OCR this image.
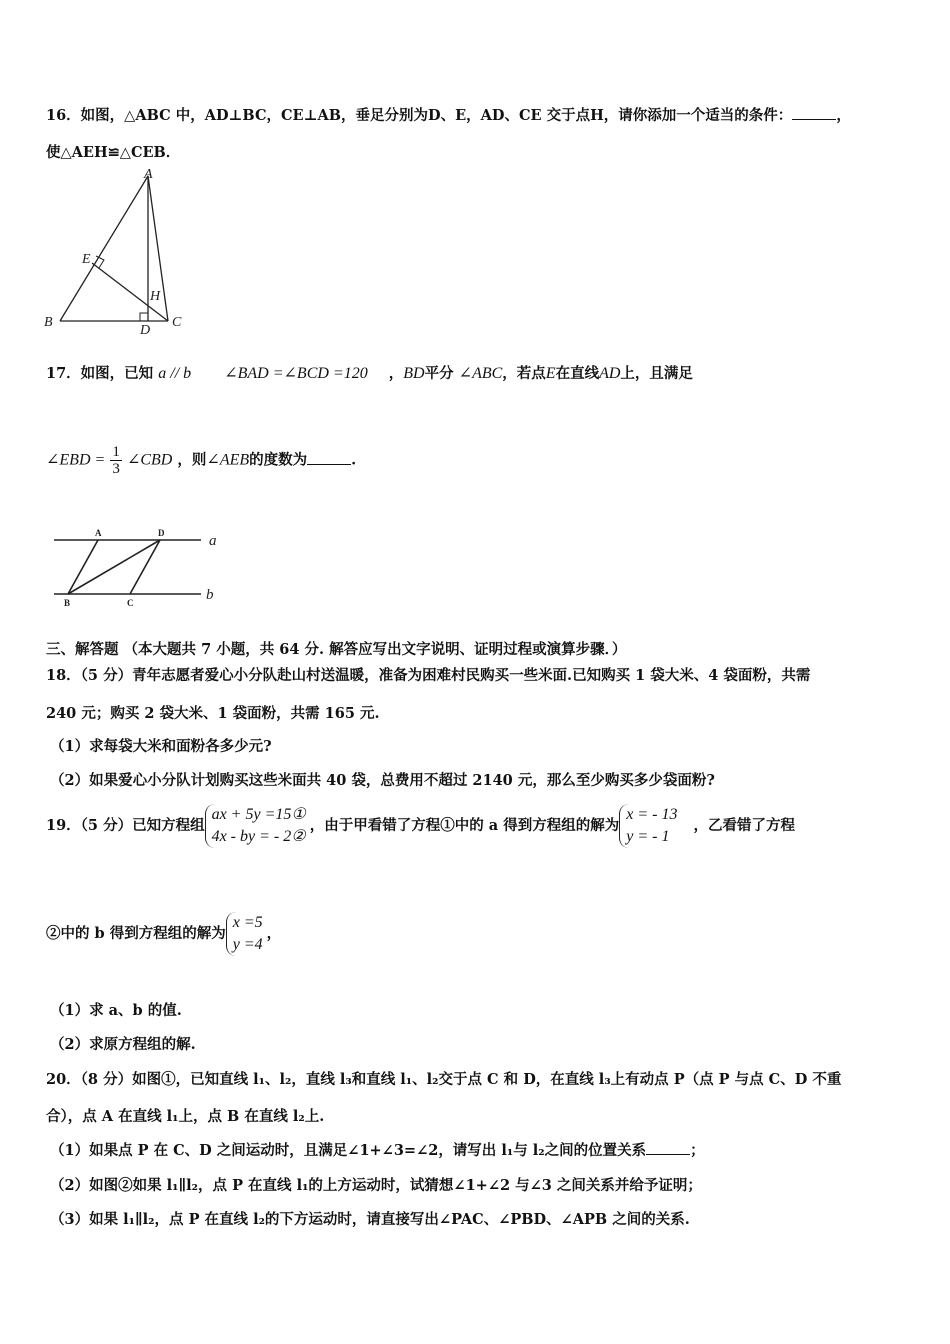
16．如图，△ABC 中，AD⊥BC，CE⊥AB，垂足分别为D、E，AD、CE 交于点H，请你添加一个适当的条件：	，
使△AEH≌△CEB．
A
B	C
D
E
H
17．如图，已知 a // b ∠BAD =∠BCD =120 ，BD平分 ∠ABC，若点E在直线AD上，且满足
∠EBD = $\frac{1}{3}$ ∠CBD ，则∠AEB的度数为	.
A	D
B	C
a
b
三、解答题 （本大题共 7 小题，共 64 分. 解答应写出文字说明、证明过程或演算步骤．）
18．（5 分）青年志愿者爱心小分队赴山村送温暖，准备为困难村民购买一些米面.已知购买 1 袋大米、4 袋面粉，共需
240 元；购买 2 袋大米、1 袋面粉，共需 165 元.
（1）求每袋大米和面粉各多少元?
（2）如果爱心小分队计划购买这些米面共 40 袋，总费用不超过 2140 元，那么至少购买多少袋面粉?
19．（5 分）已知方程组
ax + 5y =15①
4x - by = - 2②
，由于甲看错了方程①中的 a 得到方程组的解为
x = - 13
y = - 1
，乙看错了方程
②中的 b 得到方程组的解为
x =5
y =4
，
（1）求 a、b 的值.
（2）求原方程组的解.
20．（8 分）如图①，已知直线 l₁、l₂，直线 l₃和直线 l₁、l₂交于点 C 和 D，在直线 l₃上有动点 P（点 P 与点 C、D 不重
合），点 A 在直线 l₁上，点 B 在直线 l₂上.
（1）如果点 P 在 C、D 之间运动时，且满足∠1+∠3=∠2，请写出 l₁与 l₂之间的位置关系	；
（2）如图②如果 l₁∥l₂，点 P 在直线 l₁的上方运动时，试猜想∠1+∠2 与∠3 之间关系并给予证明；
（3）如果 l₁∥l₂，点 P 在直线 l₂的下方运动时，请直接写出∠PAC、∠PBD、∠APB 之间的关系.
